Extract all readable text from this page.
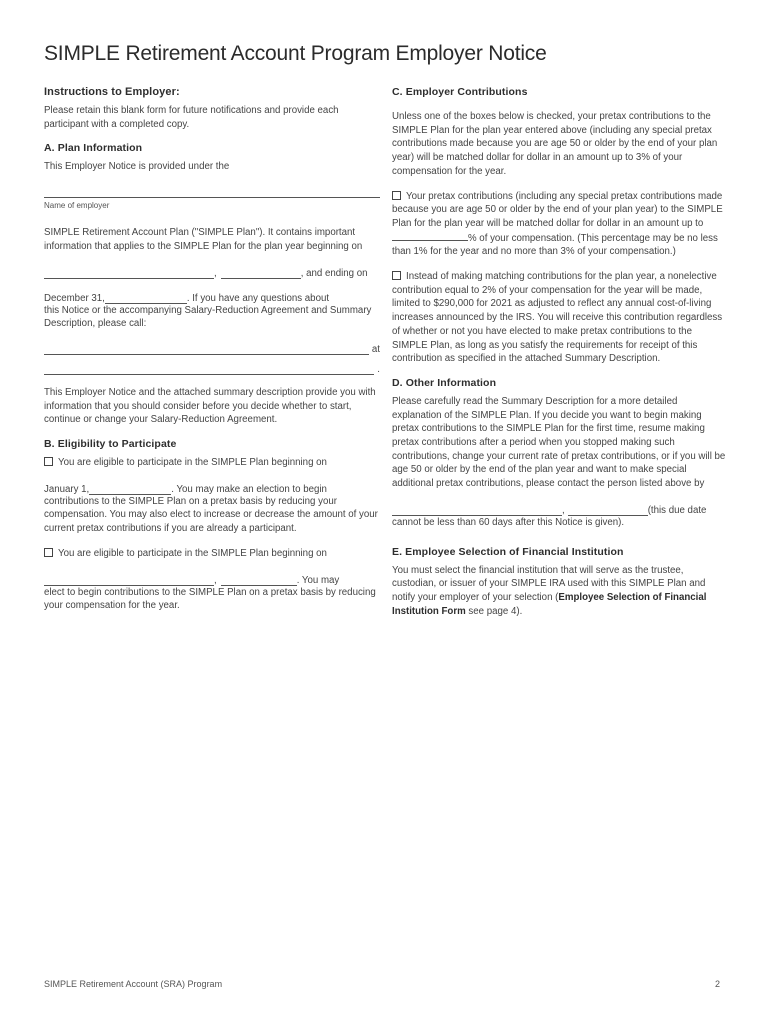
SIMPLE Retirement Account Program Employer Notice
Instructions to Employer:

Please retain this blank form for future notifications and provide each participant with a completed copy.

A. Plan Information

This Employer Notice is provided under the

Name of employer

SIMPLE Retirement Account Plan ("SIMPLE Plan"). It contains important information that applies to the SIMPLE Plan for the plan year beginning on

,	, and ending on
December 31,	. If you have any questions about

this Notice or the accompanying Salary-Reduction Agreement and Summary Description, please call:

at
.

This Employer Notice and the attached summary description provide you with information that you should consider before you decide whether to start, continue or change your Salary-Reduction Agreement.

B. Eligibility to Participate

You are eligible to participate in the SIMPLE Plan beginning on

January 1,	. You may make an election to begin

contributions to the SIMPLE Plan on a pretax basis by reducing your compensation. You may also elect to increase or decrease the amount of your current pretax contributions if you are already a participant.

You are eligible to participate in the SIMPLE Plan beginning on

,	. You may

elect to begin contributions to the SIMPLE Plan on a pretax basis by reducing your compensation for the year.

C. Employer Contributions

Unless one of the boxes below is checked, your pretax contributions to the SIMPLE Plan for the plan year entered above (including any special pretax contributions made because you are age 50 or older by the end of your plan year) will be matched dollar for dollar in an amount up to 3% of your compensation for the year.

Your pretax contributions (including any special pretax contributions made because you are age 50 or older by the end of your plan year) to the SIMPLE Plan for the plan year will be matched dollar for dollar in an amount up to % of your compensation. (This percentage may be no less than 1% for the year and no more than 3% of your compensation.)

Instead of making matching contributions for the plan year, a nonelective contribution equal to 2% of your compensation for the year will be made, limited to $290,000 for 2021 as adjusted to reflect any annual cost-of-living increases announced by the IRS. You will receive this contribution regardless of whether or not you have elected to make pretax contributions to the SIMPLE Plan, as long as you satisfy the requirements for receipt of this contribution as specified in the attached Summary Description.

D. Other Information

Please carefully read the Summary Description for a more detailed explanation of the SIMPLE Plan. If you decide you want to begin making pretax contributions to the SIMPLE Plan for the first time, resume making pretax contributions after a period when you stopped making such contributions, change your current rate of pretax contributions, or if you will be age 50 or older by the end of the plan year and want to make special additional pretax contributions, please contact the person listed above by

,	(this due date

cannot be less than 60 days after this Notice is given).

E. Employee Selection of Financial Institution

You must select the financial institution that will serve as the trustee, custodian, or issuer of your SIMPLE IRA used with this SIMPLE Plan and notify your employer of your selection (Employee Selection of Financial Institution Form see page 4).

SIMPLE Retirement Account (SRA) Program	2
